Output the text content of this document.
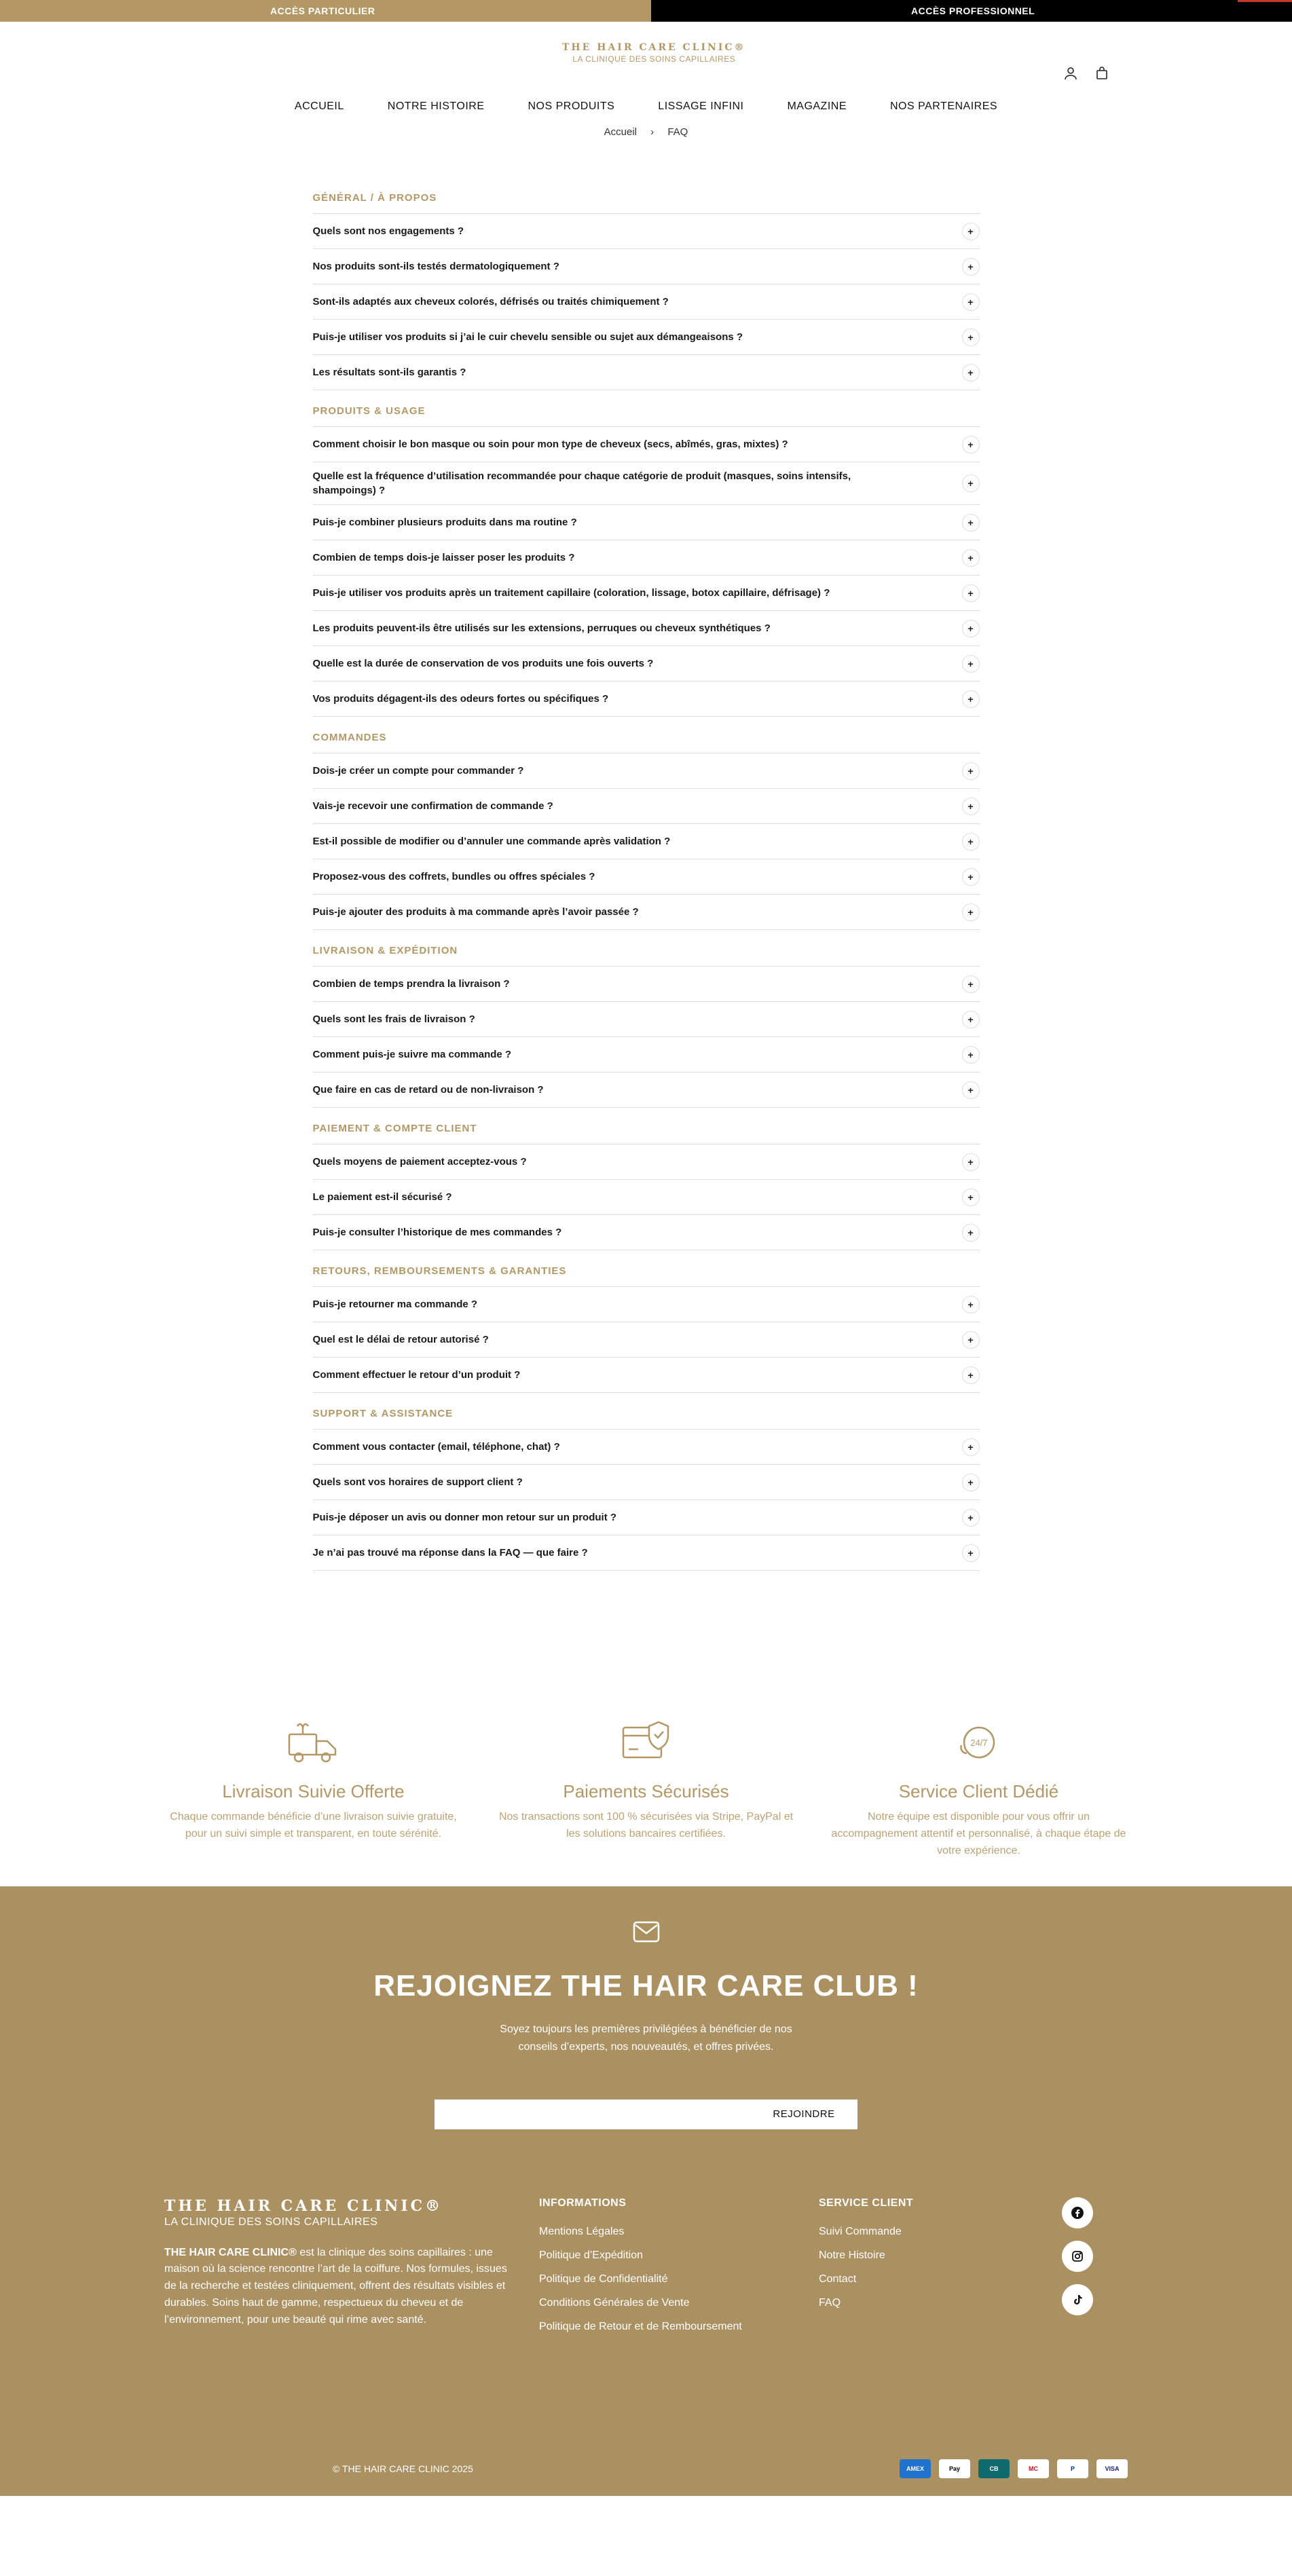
ACCÈS PARTICULIER	ACCÈS PROFESSIONNEL
THE HAIR CARE CLINIC®
LA CLINIQUE DES SOINS CAPILLAIRES
ACCUEIL	NOTRE HISTOIRE	NOS PRODUITS	LISSAGE INFINI	MAGAZINE	NOS PARTENAIRES
Accueil › FAQ
GÉNÉRAL / À PROPOS
Quels sont nos engagements ?	+
Nos produits sont-ils testés dermatologiquement ?	+
Sont-ils adaptés aux cheveux colorés, défrisés ou traités chimiquement ?	+
Puis-je utiliser vos produits si j’ai le cuir chevelu sensible ou sujet aux démangeaisons ?	+
Les résultats sont-ils garantis ?	+
PRODUITS & USAGE
Comment choisir le bon masque ou soin pour mon type de cheveux (secs, abîmés, gras, mixtes) ?	+
Quelle est la fréquence d’utilisation recommandée pour chaque catégorie de produit (masques, soins intensifs, shampoings) ?
+
Puis-je combiner plusieurs produits dans ma routine ?	+
Combien de temps dois-je laisser poser les produits ?	+
Puis-je utiliser vos produits après un traitement capillaire (coloration, lissage, botox capillaire, défrisage) ?	+
Les produits peuvent-ils être utilisés sur les extensions, perruques ou cheveux synthétiques ?	+
Quelle est la durée de conservation de vos produits une fois ouverts ?	+
Vos produits dégagent-ils des odeurs fortes ou spécifiques ?	+
COMMANDES
Dois-je créer un compte pour commander ?	+
Vais-je recevoir une confirmation de commande ?	+
Est-il possible de modifier ou d’annuler une commande après validation ?	+
Proposez-vous des coffrets, bundles ou offres spéciales ?	+
Puis-je ajouter des produits à ma commande après l’avoir passée ?	+
LIVRAISON & EXPÉDITION
Combien de temps prendra la livraison ?	+
Quels sont les frais de livraison ?	+
Comment puis-je suivre ma commande ?	+
Que faire en cas de retard ou de non-livraison ?	+
PAIEMENT & COMPTE CLIENT
Quels moyens de paiement acceptez-vous ?	+
Le paiement est-il sécurisé ?	+
Puis-je consulter l’historique de mes commandes ?	+
RETOURS, REMBOURSEMENTS & GARANTIES
Puis-je retourner ma commande ?	+
Quel est le délai de retour autorisé ?	+
Comment effectuer le retour d’un produit ?	+
SUPPORT & ASSISTANCE
Comment vous contacter (email, téléphone, chat) ?	+
Quels sont vos horaires de support client ?	+
Puis-je déposer un avis ou donner mon retour sur un produit ?	+
Je n’ai pas trouvé ma réponse dans la FAQ — que faire ?	+
Livraison Suivie Offerte
Chaque commande bénéficie d’une livraison suivie gratuite, pour un suivi simple et transparent, en toute sérénité.
Paiements Sécurisés
Nos transactions sont 100 % sécurisées via Stripe, PayPal et les solutions bancaires certifiées.
24/7
Service Client Dédié
Notre équipe est disponible pour vous offrir un accompagnement attentif et personnalisé, à chaque étape de votre expérience.
REJOIGNEZ THE HAIR CARE CLUB !
Soyez toujours les premières privilégiées à bénéficier de nos
conseils d’experts, nos nouveautés, et offres privées.
REJOINDRE
THE HAIR CARE CLINIC®
LA CLINIQUE DES SOINS CAPILLAIRES

THE HAIR CARE CLINIC® est la clinique des soins capillaires : une maison où la science rencontre l’art de la coiffure. Nos formules, issues de la recherche et testées cliniquement, offrent des résultats visibles et durables. Soins haut de gamme, respectueux du cheveu et de l’environnement, pour une beauté qui rime avec santé.

INFORMATIONS
Mentions Légales
Politique d’Expédition
Politique de Confidentialité
Conditions Générales de Vente
Politique de Retour et de Remboursement
SERVICE CLIENT
Suivi Commande
Notre Histoire
Contact
FAQ
© THE HAIR CARE CLINIC 2025	AMEX	Pay	CB	MC	P	VISA
